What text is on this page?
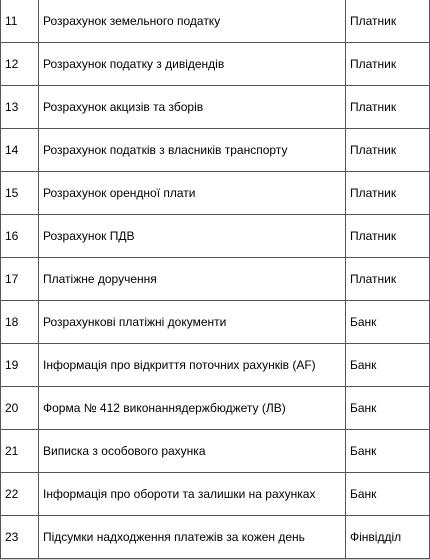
11	Розрахунок земельного податку	Платник
12	Розрахунок податку з дивідендів	Платник
13	Розрахунок акцизів та зборів	Платник
14	Розрахунок податків з власників транспорту	Платник
15	Розрахунок орендної плати	Платник
16	Розрахунок ПДВ	Платник
17	Платіжне доручення	Платник
18	Розрахункові платіжні документи	Банк
19	Інформація про відкриття поточних рахунків (AF)	Банк
20	Форма № 412 виконаннядержбюджету (ЛВ)	Банк
21	Виписка з особового рахунка	Банк
22	Інформація про обороти та залишки на рахунках	Банк
23	Підсумки надходження платежів за кожен день	Фінвідділ
